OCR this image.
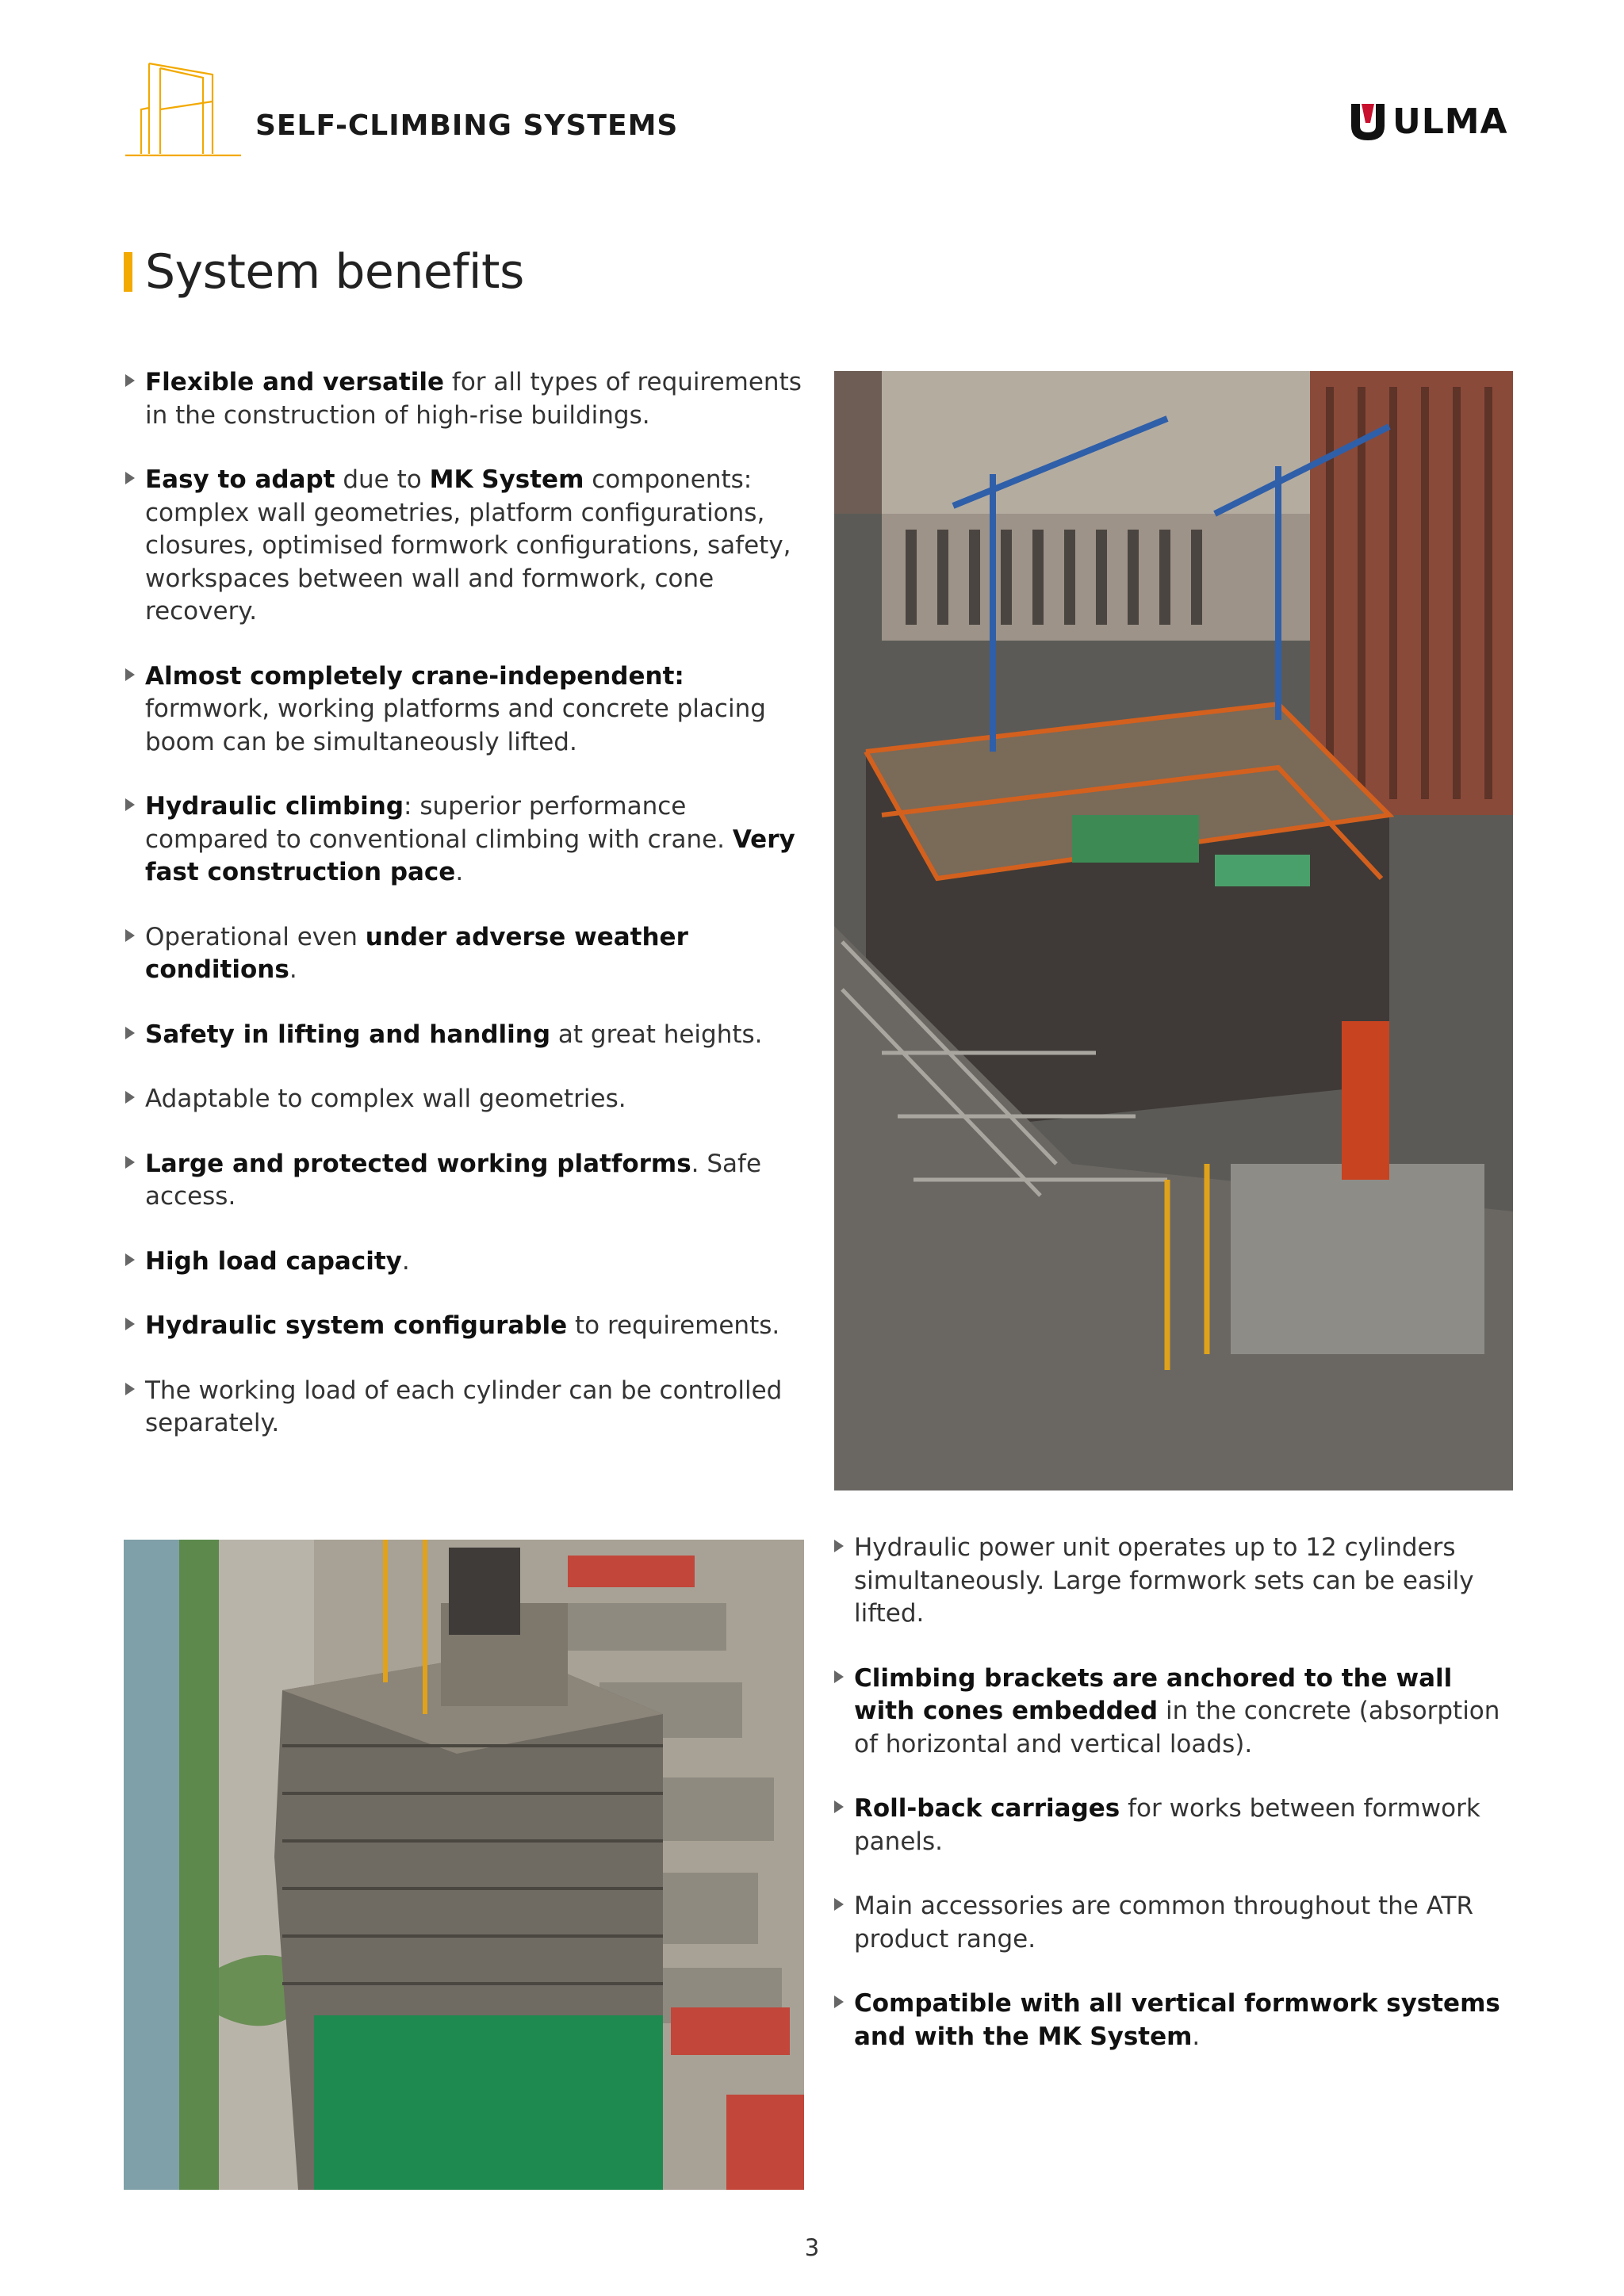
SELF-CLIMBING SYSTEMS	ULMA
System benefits
Flexible and versatile for all types of requirements in the construction of high-rise buildings.
Easy to adapt due to MK System components: complex wall geometries, platform configurations, closures, optimised formwork configurations, safety, workspaces between wall and formwork, cone recovery.
Almost completely crane-independent: formwork, working platforms and concrete placing boom can be simultaneously lifted.
Hydraulic climbing: superior performance compared to conventional climbing with crane. Very fast construction pace.
Operational even under adverse weather conditions.
Safety in lifting and handling at great heights.
Adaptable to complex wall geometries.
Large and protected working platforms. Safe access.
High load capacity.
Hydraulic system configurable to requirements.
The working load of each cylinder can be controlled separately.
Hydraulic power unit operates up to 12 cylinders simultaneously. Large formwork sets can be easily lifted.
Climbing brackets are anchored to the wall with cones embedded in the concrete (absorption of horizontal and vertical loads).
Roll-back carriages for works between formwork panels.
Main accessories are common throughout the ATR product range.
Compatible with all vertical formwork systems and with the MK System.
3
